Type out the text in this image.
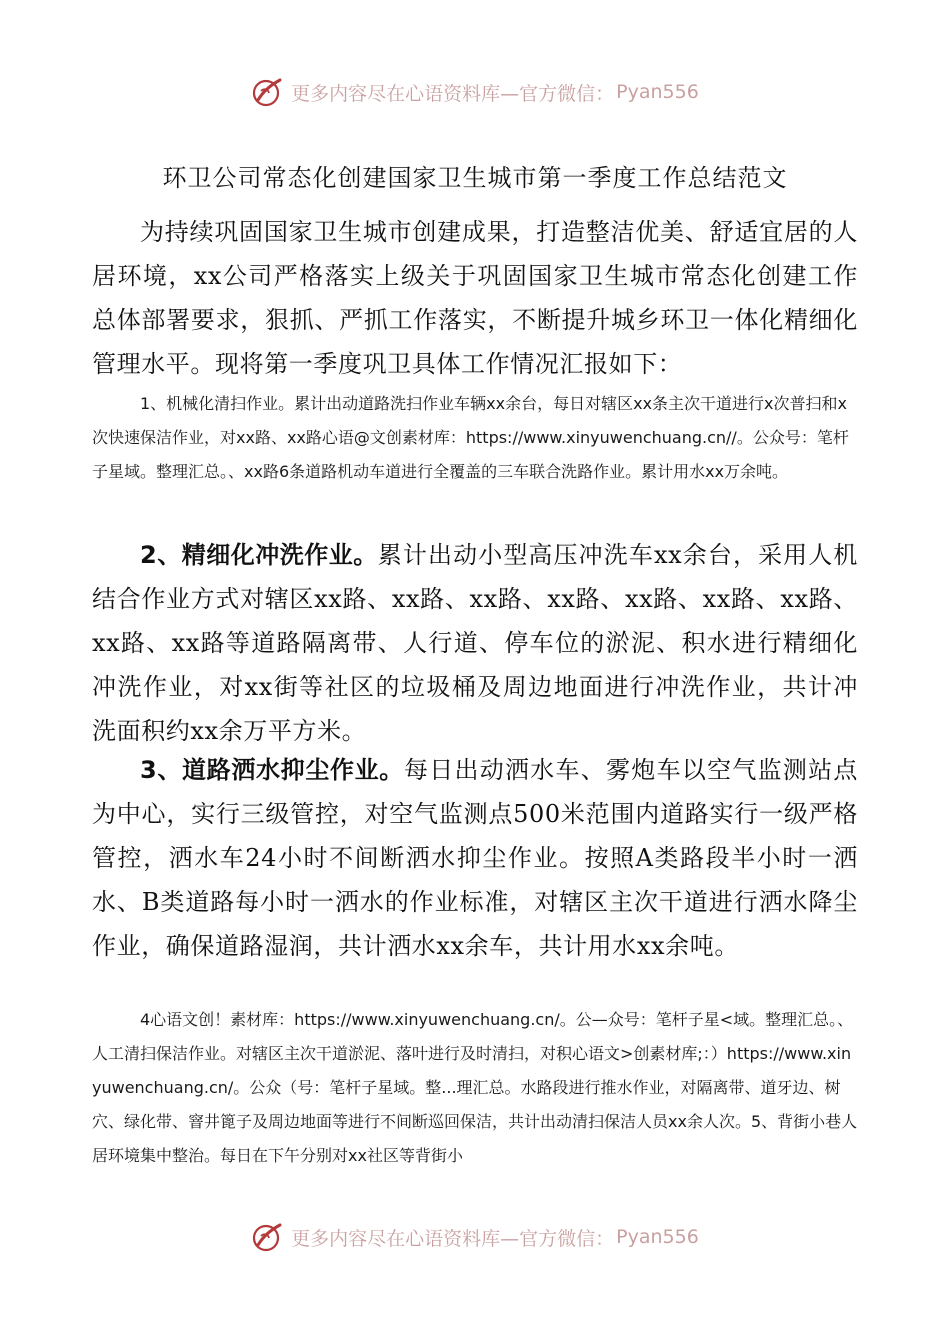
更多内容尽在心语资料库—官方微信： Pyan556
环卫公司常态化创建国家卫生城市第一季度工作总结范文

为持续巩固国家卫生城市创建成果，打造整洁优美、舒适宜居的人居环境，xx公司严格落实上级关于巩固国家卫生城市常态化创建工作总体部署要求，狠抓、严抓工作落实，不断提升城乡环卫一体化精细化管理水平。现将第一季度巩卫具体工作情况汇报如下：

1、机械化清扫作业。累计出动道路洗扫作业车辆xx余台，每日对辖区xx条主次干道进行x次普扫和x次快速保洁作业，对xx路、xx路心语@文创素材库：https://www.xinyuwenchuang.cn//。公众号：笔杆子星域。整理汇总。、xx路6条道路机动车道进行全覆盖的三车联合洗路作业。累计用水xx万余吨。

2、精细化冲洗作业。累计出动小型高压冲洗车xx余台，采用人机结合作业方式对辖区xx路、xx路、xx路、xx路、xx路、xx路、xx路、xx路、xx路等道路隔离带、人行道、停车位的淤泥、积水进行精细化冲洗作业，对xx街等社区的垃圾桶及周边地面进行冲洗作业，共计冲洗面积约xx余万平方米。

3、道路洒水抑尘作业。每日出动洒水车、雾炮车以空气监测站点为中心，实行三级管控，对空气监测点500米范围内道路实行一级严格管控，洒水车24小时不间断洒水抑尘作业。按照A类路段半小时一洒水、B类道路每小时一洒水的作业标准，对辖区主次干道进行洒水降尘作业，确保道路湿润，共计洒水xx余车，共计用水xx余吨。

4心语文创！素材库：https://www.xinyuwenchuang.cn/。公—众号：笔杆子星<域。整理汇总。、人工清扫保洁作业。对辖区主次干道淤泥、落叶进行及时清扫，对积心语文>创素材库;：）https://www.xinyuwenchuang.cn/。公众（号：笔杆子星域。整...理汇总。水路段进行推水作业，对隔离带、道牙边、树穴、绿化带、窨井篦子及周边地面等进行不间断巡回保洁，共计出动清扫保洁人员xx余人次。5、背街小巷人居环境集中整治。每日在下午分别对xx社区等背街小

更多内容尽在心语资料库—官方微信： Pyan556
